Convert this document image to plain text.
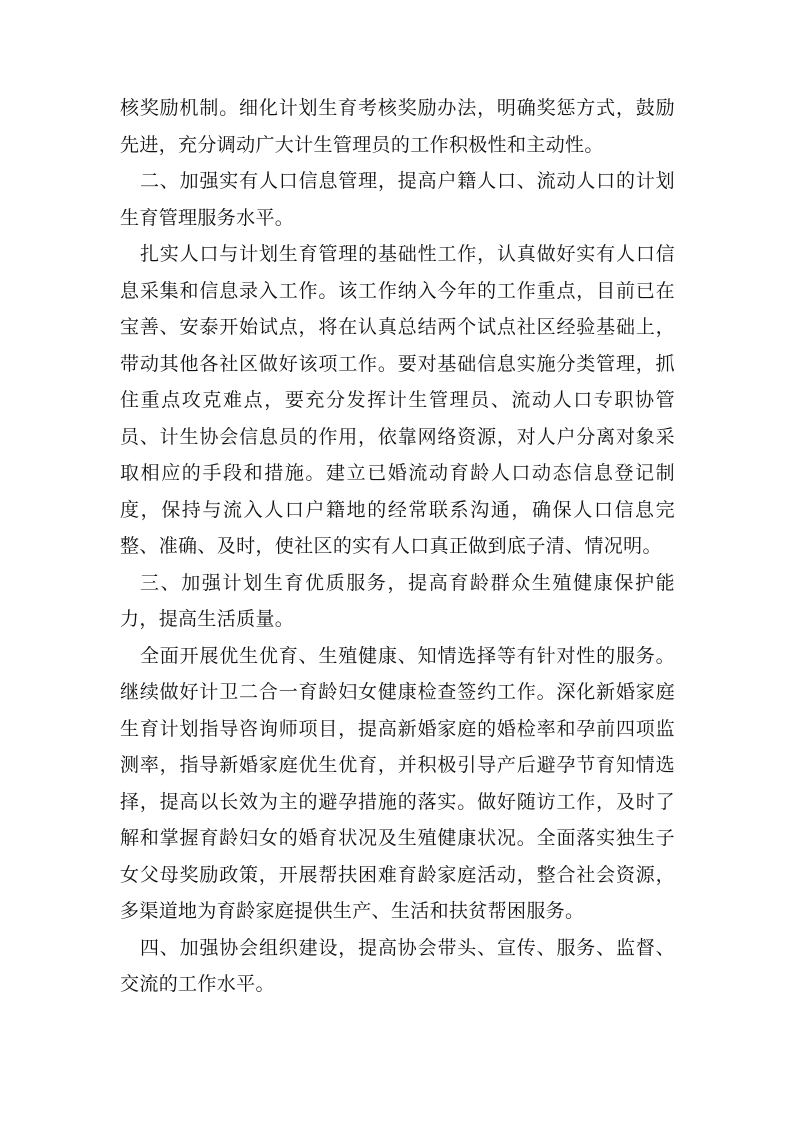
核奖励机制。细化计划生育考核奖励办法，明确奖惩方式，鼓励先进，充分调动广大计生管理员的工作积极性和主动性。

二、加强实有人口信息管理，提高户籍人口、流动人口的计划生育管理服务水平。

扎实人口与计划生育管理的基础性工作，认真做好实有人口信息采集和信息录入工作。该工作纳入今年的工作重点，目前已在宝善、安泰开始试点，将在认真总结两个试点社区经验基础上，带动其他各社区做好该项工作。要对基础信息实施分类管理，抓住重点攻克难点，要充分发挥计生管理员、流动人口专职协管员、计生协会信息员的作用，依靠网络资源，对人户分离对象采取相应的手段和措施。建立已婚流动育龄人口动态信息登记制度，保持与流入人口户籍地的经常联系沟通，确保人口信息完整、准确、及时，使社区的实有人口真正做到底子清、情况明。

三、加强计划生育优质服务，提高育龄群众生殖健康保护能力，提高生活质量。

全面开展优生优育、生殖健康、知情选择等有针对性的服务。继续做好计卫二合一育龄妇女健康检查签约工作。深化新婚家庭生育计划指导咨询师项目，提高新婚家庭的婚检率和孕前四项监测率，指导新婚家庭优生优育，并积极引导产后避孕节育知情选择，提高以长效为主的避孕措施的落实。做好随访工作，及时了解和掌握育龄妇女的婚育状况及生殖健康状况。全面落实独生子女父母奖励政策，开展帮扶困难育龄家庭活动，整合社会资源，多渠道地为育龄家庭提供生产、生活和扶贫帮困服务。

四、加强协会组织建设，提高协会带头、宣传、服务、监督、交流的工作水平。
